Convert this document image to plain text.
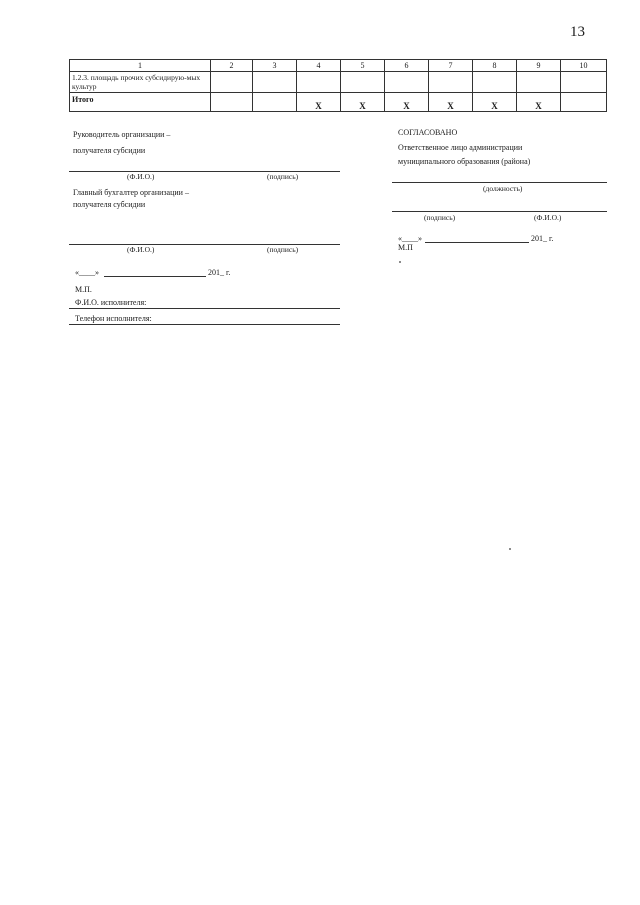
13
1	2	3	4	5	6	7	8	9	10
1.2.3. площадь прочих субсидирую-мых культур									
Итого			Х	Х	Х	Х	Х	Х	
Руководитель организации –
получателя субсидии
(Ф.И.О.)	(подпись)
Главный бухгалтер организации –
получателя субсидии
(Ф.И.О.)	(подпись)
«____»	201_ г.
М.П.
Ф.И.О. исполнителя:
Телефон исполнителя:
СОГЛАСОВАНО
Ответственное лицо администрации
муниципального образования (района)
(должность)
(подпись)	(Ф.И.О.)
«____»	201_ г.
М.П
